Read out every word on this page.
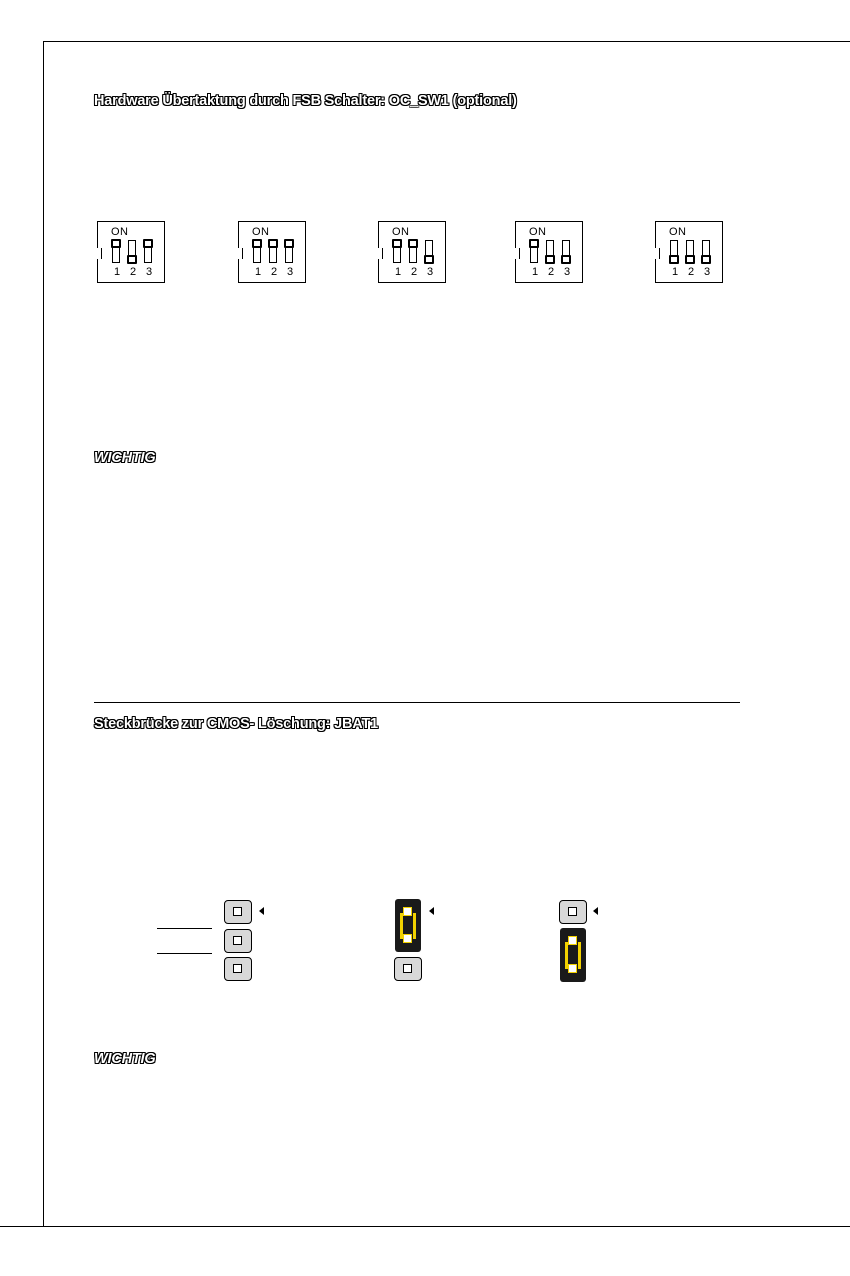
Hardware Übertaktung durch FSB Schalter: OC_SW1 (optional)
ON
1 2 3
ON
1 2 3
ON
1 2 3
ON
1 2 3
ON
1 2 3
WICHTIG
Steckbrücke zur CMOS- Löschung: JBAT1
WICHTIG
